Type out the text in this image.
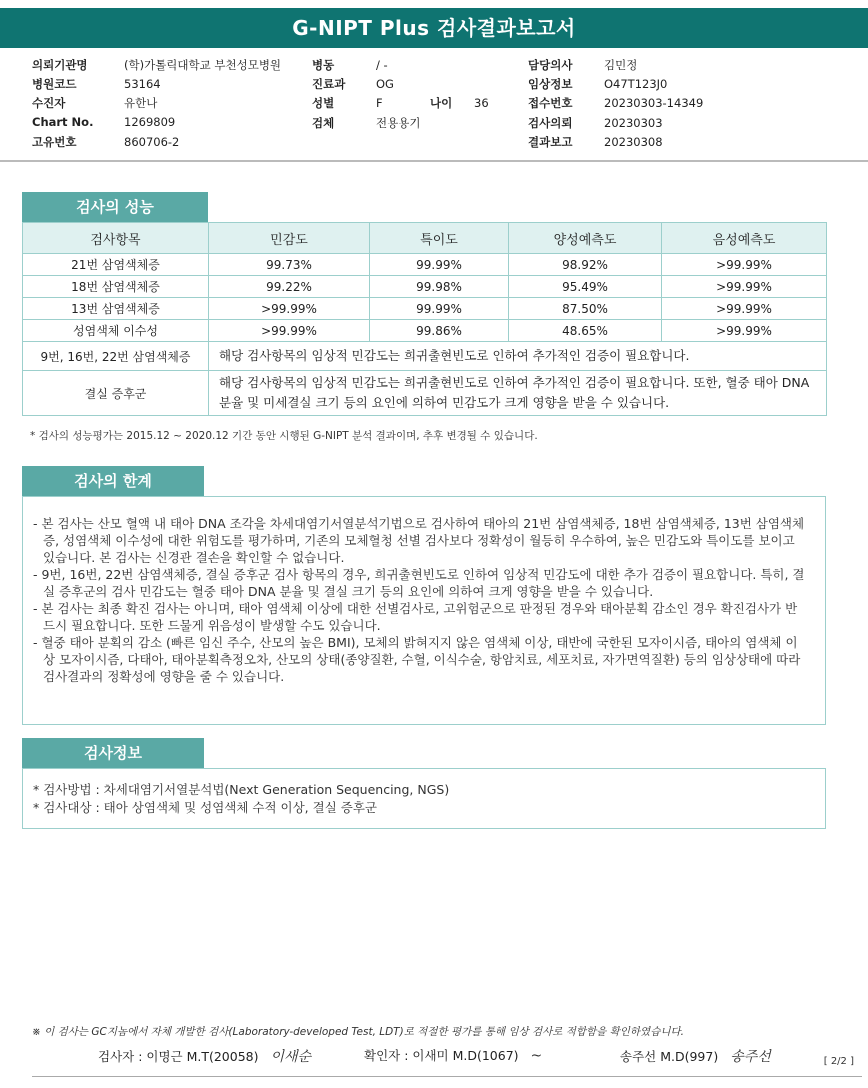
G-NIPT Plus 검사결과보고서
의뢰기관명	(학)가톨릭대학교 부천성모병원
병원코드	53164
수진자	유한나
Chart No.	1269809
고유번호	860706-2
병동	/ -
진료과	OG
성별	F	나이 36
검체	전용용기
담당의사	김민정
임상정보	O47T123J0
접수번호	20230303-14349
검사의뢰	20230303
결과보고	20230308
검사의 성능
검사항목	민감도	특이도	양성예측도	음성예측도
21번 삼염색체증	99.73%	99.99%	98.92%	>99.99%
18번 삼염색체증	99.22%	99.98%	95.49%	>99.99%
13번 삼염색체증	>99.99%	99.99%	87.50%	>99.99%
성염색체 이수성	>99.99%	99.86%	48.65%	>99.99%
9번, 16번, 22번 삼염색체증	해당 검사항목의 임상적 민감도는 희귀출현빈도로 인하여 추가적인 검증이 필요합니다.			
결실 증후군	해당 검사항목의 임상적 민감도는 희귀출현빈도로 인하여 추가적인 검증이 필요합니다. 또한, 혈중 태아 DNA 분율 및 미세결실 크기 등의 요인에 의하여 민감도가 크게 영향을 받을 수 있습니다.			
* 검사의 성능평가는 2015.12 ~ 2020.12 기간 동안 시행된 G-NIPT 분석 결과이며, 추후 변경될 수 있습니다.
검사의 한계
- 본 검사는 산모 혈액 내 태아 DNA 조각을 차세대염기서열분석기법으로 검사하여 태아의 21번 삼염색체증, 18번 삼염색체증, 13번 삼염색체증, 성염색체 이수성에 대한 위험도를 평가하며, 기존의 모체혈청 선별 검사보다 정확성이 월등히 우수하여, 높은 민감도와 특이도를 보이고 있습니다. 본 검사는 신경관 결손을 확인할 수 없습니다.
- 9번, 16번, 22번 삼염색체증, 결실 증후군 검사 항목의 경우, 희귀출현빈도로 인하여 임상적 민감도에 대한 추가 검증이 필요합니다. 특히, 결실 증후군의 검사 민감도는 혈중 태아 DNA 분율 및 결실 크기 등의 요인에 의하여 크게 영향을 받을 수 있습니다.
- 본 검사는 최종 확진 검사는 아니며, 태아 염색체 이상에 대한 선별검사로, 고위험군으로 판정된 경우와 태아분획 감소인 경우 확진검사가 반드시 필요합니다. 또한 드물게 위음성이 발생할 수도 있습니다.
- 혈중 태아 분획의 감소 (빠른 임신 주수, 산모의 높은 BMI), 모체의 밝혀지지 않은 염색체 이상, 태반에 국한된 모자이시즘, 태아의 염색체 이상 모자이시즘, 다태아, 태아분획측정오차, 산모의 상태(종양질환, 수혈, 이식수술, 항암치료, 세포치료, 자가면역질환) 등의 임상상태에 따라 검사결과의 정확성에 영향을 줄 수 있습니다.
검사정보
* 검사방법 : 차세대염기서열분석법(Next Generation Sequencing, NGS)
* 검사대상 : 태아 상염색체 및 성염색체 수적 이상, 결실 증후군
※ 이 검사는 GC지놈에서 자체 개발한 검사(Laboratory-developed Test, LDT)로 적절한 평가를 통해 임상 검사로 적합함을 확인하였습니다.
검사자 : 이명근 M.T(20058) 이새순	확인자 : 이새미 M.D(1067) ~	송주선 M.D(997) 송주선	[ 2/2 ]
